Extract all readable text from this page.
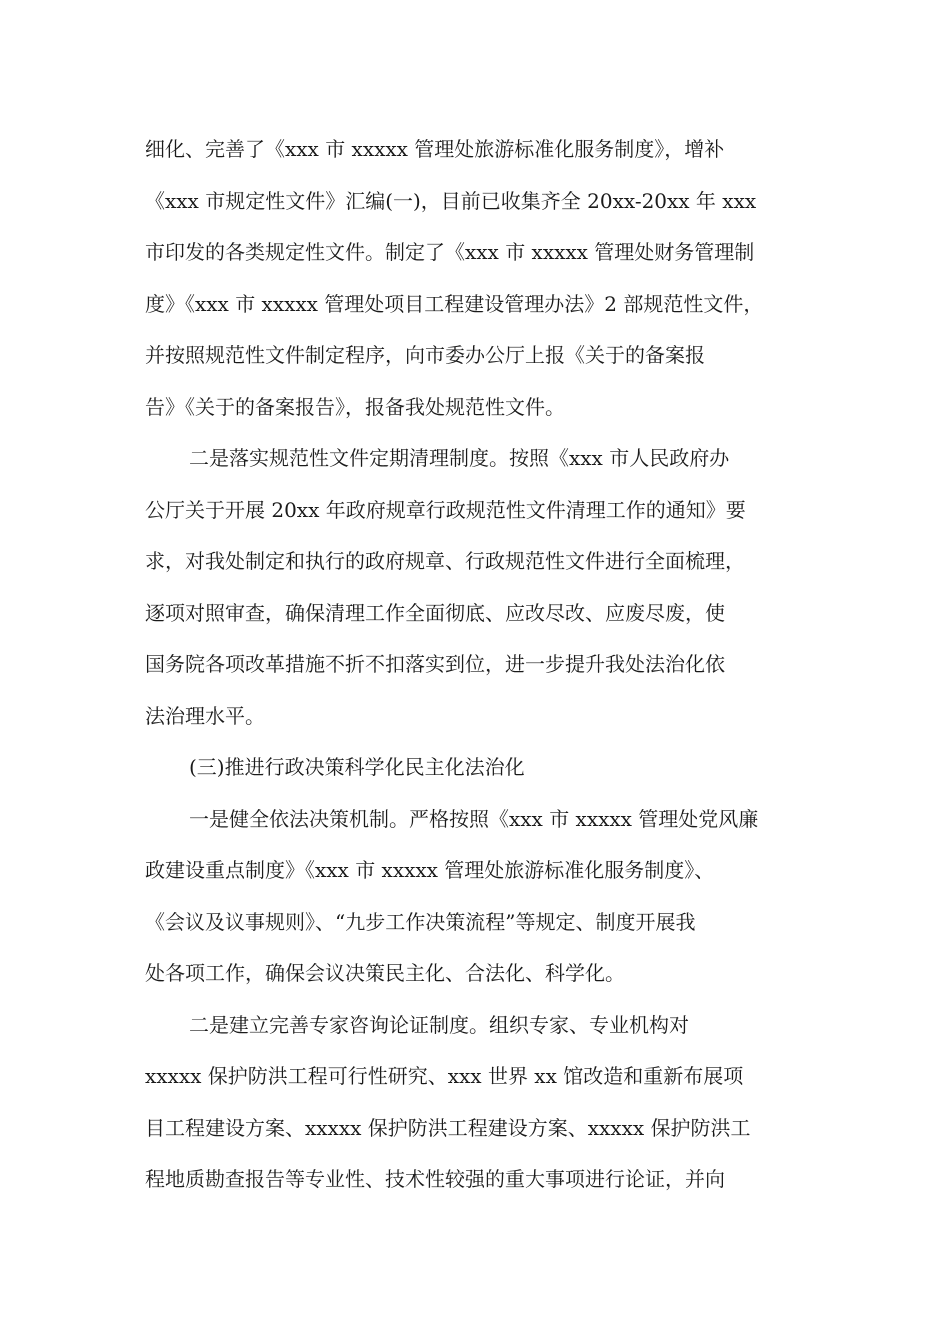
细化、完善了《xxx 市 xxxxx 管理处旅游标准化服务制度》，增补
《xxx 市规定性文件》汇编(一)，目前已收集齐全 20xx-20xx 年 xxx
市印发的各类规定性文件。制定了《xxx 市 xxxxx 管理处财务管理制
度》《xxx 市 xxxxx 管理处项目工程建设管理办法》2 部规范性文件，
并按照规范性文件制定程序，向市委办公厅上报《关于的备案报
告》《关于的备案报告》，报备我处规范性文件。
二是落实规范性文件定期清理制度。按照《xxx 市人民政府办
公厅关于开展 20xx 年政府规章行政规范性文件清理工作的通知》要
求，对我处制定和执行的政府规章、行政规范性文件进行全面梳理，
逐项对照审查，确保清理工作全面彻底、应改尽改、应废尽废，使
国务院各项改革措施不折不扣落实到位，进一步提升我处法治化依
法治理水平。
(三)推进行政决策科学化民主化法治化
一是健全依法决策机制。严格按照《xxx 市 xxxxx 管理处党风廉
政建设重点制度》《xxx 市 xxxxx 管理处旅游标准化服务制度》、
《会议及议事规则》、“九步工作决策流程”等规定、制度开展我
处各项工作，确保会议决策民主化、合法化、科学化。
二是建立完善专家咨询论证制度。组织专家、专业机构对
xxxxx 保护防洪工程可行性研究、xxx 世界 xx 馆改造和重新布展项
目工程建设方案、xxxxx 保护防洪工程建设方案、xxxxx 保护防洪工
程地质勘查报告等专业性、技术性较强的重大事项进行论证，并向
